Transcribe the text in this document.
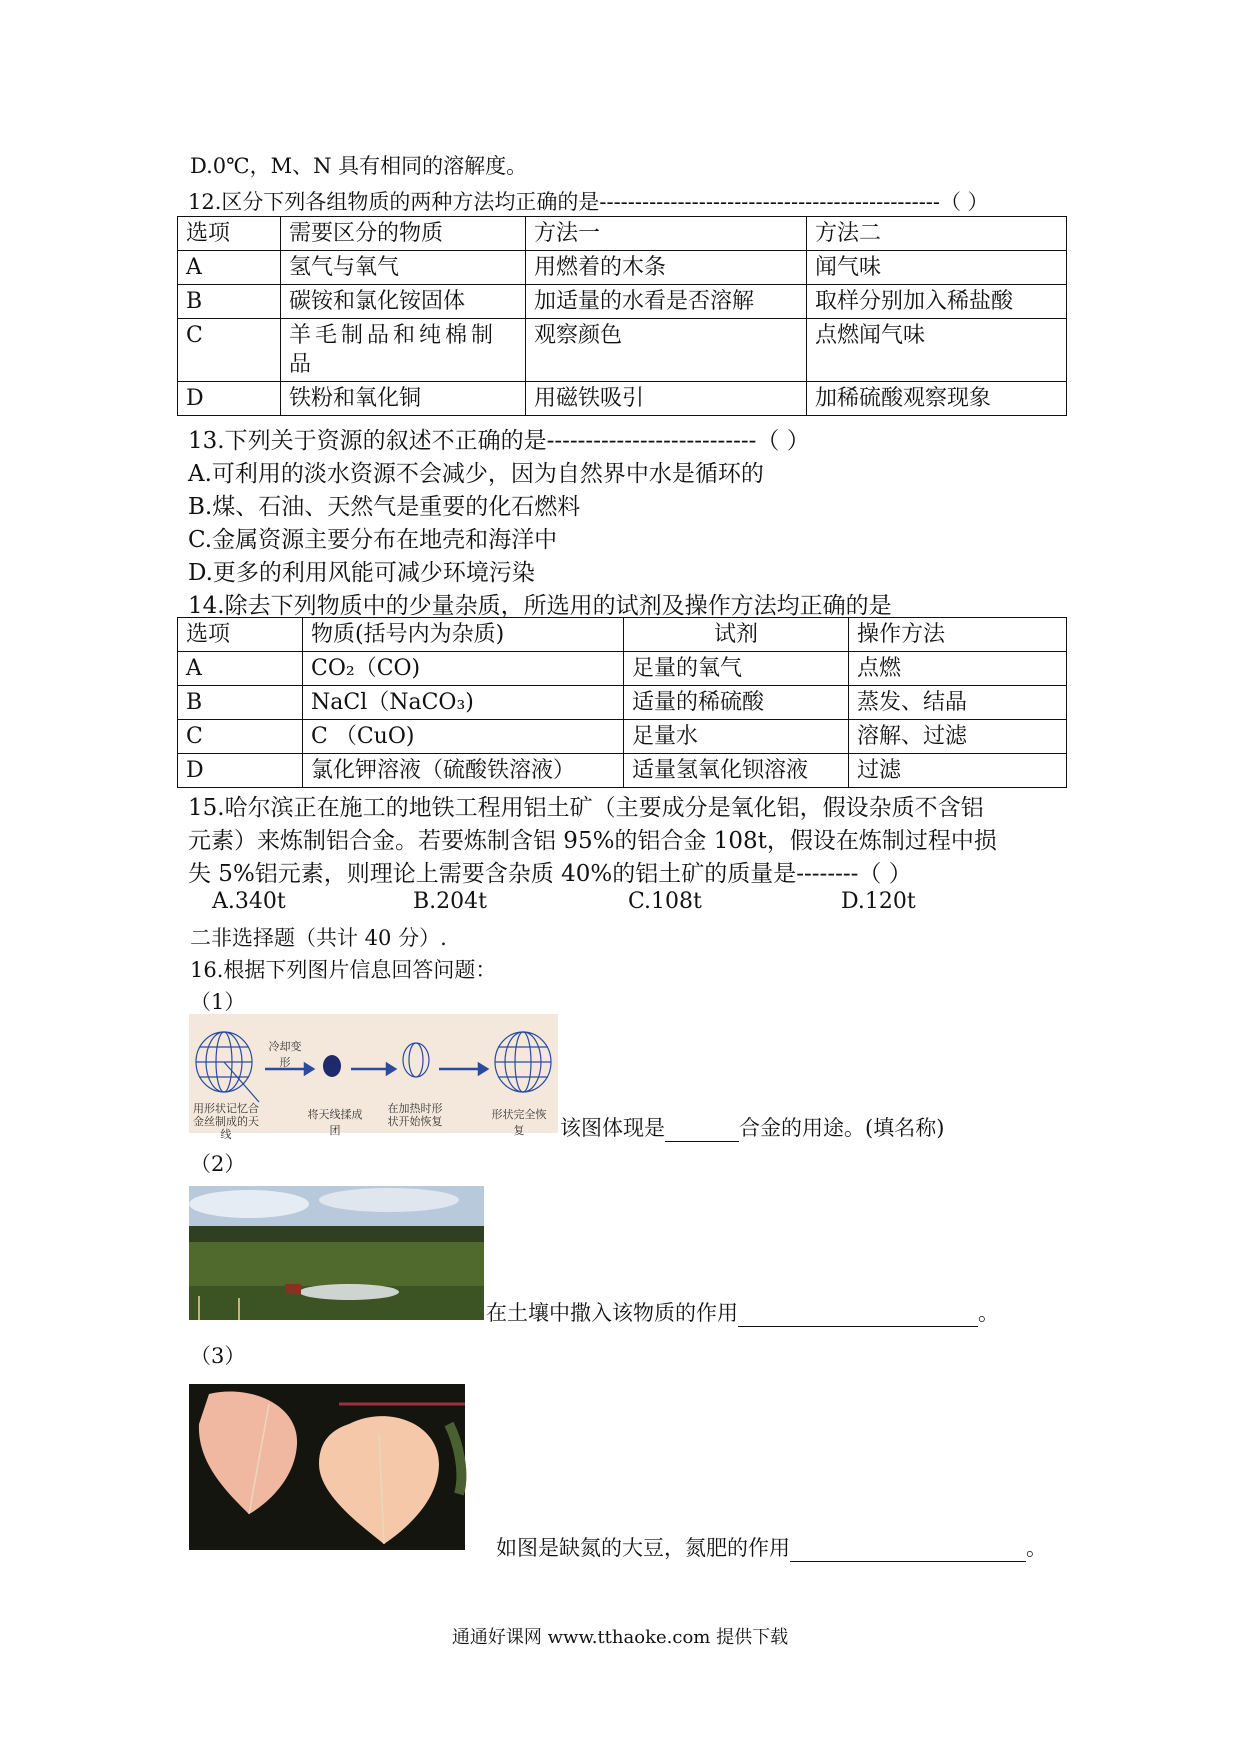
D.0℃，M、N 具有相同的溶解度。
12.区分下列各组物质的两种方法均正确的是------------------------------------------------（ ）
选项	需要区分的物质	方法一	方法二
A	氢气与氧气	用燃着的木条	闻气味
B	碳铵和氯化铵固体	加适量的水看是否溶解	取样分别加入稀盐酸
C	羊毛制品和纯棉制品	观察颜色	点燃闻气味
D	铁粉和氧化铜	用磁铁吸引	加稀硫酸观察现象
13.下列关于资源的叙述不正确的是---------------------------（ ）
A.可利用的淡水资源不会减少，因为自然界中水是循环的
B.煤、石油、天然气是重要的化石燃料
C.金属资源主要分布在地壳和海洋中
D.更多的利用风能可减少环境污染
14.除去下列物质中的少量杂质，所选用的试剂及操作方法均正确的是
选项	物质(括号内为杂质)	试剂	操作方法
A	CO₂（CO)	足量的氧气	点燃
B	NaCl（NaCO₃)	适量的稀硫酸	蒸发、结晶
C	C （CuO)	足量水	溶解、过滤
D	氯化钾溶液（硫酸铁溶液）	适量氢氧化钡溶液	过滤
15.哈尔滨正在施工的地铁工程用铝土矿（主要成分是氧化铝，假设杂质不含铝
元素）来炼制铝合金。若要炼制含铝 95%的铝合金 108t，假设在炼制过程中损
失 5%铝元素，则理论上需要含杂质 40%的铝土矿的质量是--------（ ）
A.340t	B.204t	C.108t	D.120t
二非选择题（共计 40 分）.
16.根据下列图片信息回答问题：
（1）
冷却变形
用形状记忆合金丝制成的天线
将天线揉成团
在加热时形状开始恢复
形状完全恢复	该图体现是	合金的用途。(填名称)
（2）
在土壤中撒入该物质的作用	。
（3）
如图是缺氮的大豆，氮肥的作用	。
通通好课网 www.tthaoke.com 提供下载
